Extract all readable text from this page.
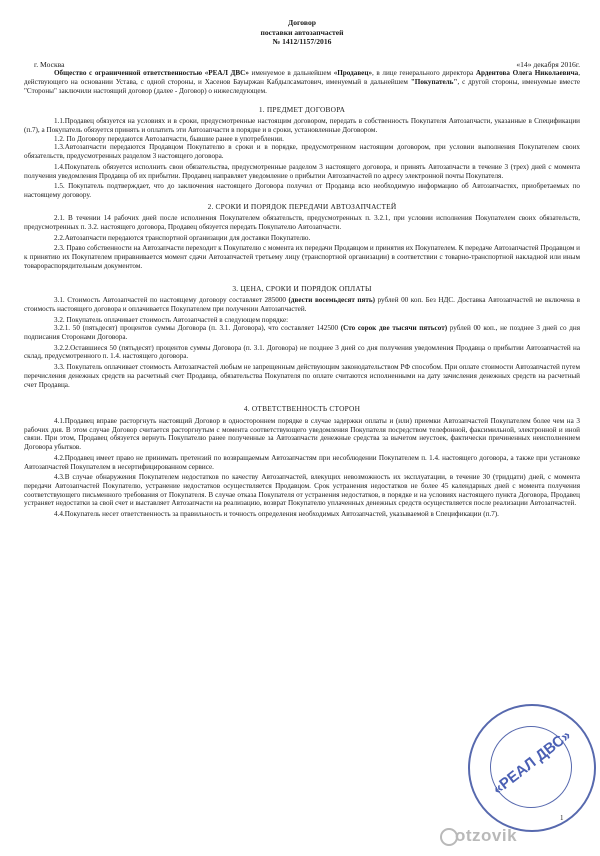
Договор
поставки автозапчастей
№ 1412/1157/2016
г. Москва	«14» декабря 2016г.

Общество с ограниченной ответственностью «РЕАЛ ДВС» именуемое в дальнейшем «Продавец», в лице генерального директора Ардентова Олега Николаевича, действующего на основании Устава, с одной стороны, и Хасенов Бауыржан Кабдылсаматович, именуемый в дальнейшем "Покупатель", с другой стороны, именуемые вместе "Стороны" заключили настоящий договор (далее - Договор) о нижеследующем.

1. ПРЕДМЕТ ДОГОВОРА

1.1.Продавец обязуется на условиях и в сроки, предусмотренные настоящим договором, передать в собственность Покупателя Автозапчасти, указанные в Спецификации (п.7), а Покупатель обязуется принять и оплатить эти Автозапчасти в порядке и в сроки, установленные Договором.

1.2. По Договору передаются Автозапчасти, бывшие ранее в употреблении.

1.3.Автозапчасти передаются Продавцом Покупателю в сроки и в порядке, предусмотренном настоящим договором, при условии выполнения Покупателем своих обязательств, предусмотренных разделом 3 настоящего договора.

1.4.Покупатель обязуется исполнить свои обязательства, предусмотренные разделом 3 настоящего договора, и принять Автозапчасти в течение 3 (трех) дней с момента получения уведомления Продавца об их прибытии. Продавец направляет уведомление о прибытии Автозапчастей по адресу электронной почты Покупателя.

1.5. Покупатель подтверждает, что до заключения настоящего Договора получил от Продавца всю необходимую информацию об Автозапчастях, приобретаемых по настоящему договору.

2. СРОКИ И ПОРЯДОК ПЕРЕДАЧИ АВТОЗАПЧАСТЕЙ

2.1. В течении 14 рабочих дней после исполнения Покупателем обязательств, предусмотренных п. 3.2.1, при условии исполнения Покупателем своих обязательств, предусмотренных п. 3.2. настоящего договора, Продавец обязуется передать Покупателю Автозапчасти.

2.2.Автозапчасти передаются транспортной организации для доставки Покупателю.

2.3. Право собственности на Автозапчасти переходит к Покупателю с момента их передачи Продавцом и принятия их Покупателем. К передаче Автозапчастей Продавцом и к принятию их Покупателем приравнивается момент сдачи Автозапчастей третьему лицу (транспортной организации) в соответствии с товарно-транспортной накладной или иным товарораспорядительным документом.

3. ЦЕНА, СРОКИ И ПОРЯДОК ОПЛАТЫ

3.1. Стоимость Автозапчастей по настоящему договору составляет 285000 (двести восемьдесят пять) рублей 00 коп. Без НДС. Доставка Автозапчастей не включена в стоимость настоящего договора и оплачивается Покупателем при получении Автозапчастей.

3.2. Покупатель оплачивает стоимость Автозапчастей в следующем порядке:

3.2.1. 50 (пятьдесят) процентов суммы Договора (п. 3.1. Договора), что составляет 142500 (Сто сорок две тысячи пятьсот) рублей 00 коп., не позднее 3 дней со дня подписания Сторонами Договора.

3.2.2.Оставшиеся 50 (пятьдесят) процентов суммы Договора (п. 3.1. Договора) не позднее 3 дней со дня получения уведомления Продавца о прибытии Автозапчастей на склад, предусмотренного п. 1.4. настоящего договора.

3.3. Покупатель оплачивает стоимость Автозапчастей любым не запрещенным действующим законодательством РФ способом. При оплате стоимости Автозапчастей путем перечисления денежных средств на расчетный счет Продавца, обязательства Покупателя по оплате считаются исполненными на дату зачисления денежных средств на расчетный счет Продавца.

4. ОТВЕТСТВЕННОСТЬ СТОРОН

4.1.Продавец вправе расторгнуть настоящий Договор в одностороннем порядке в случае задержки оплаты и (или) приемки Автозапчастей Покупателем более чем на 3 рабочих дня. В этом случае Договор считается расторгнутым с момента соответствующего уведомления Покупателя посредством телефонной, факсимильной, электронной и иной связи. При этом, Продавец обязуется вернуть Покупателю ранее полученные за Автозапчасти денежные средства за вычетом неустоек, фактически причиненных неисполнением Договора убытков.

4.2.Продавец имеет право не принимать претензий по возвращаемым Автозапчастям при несоблюдении Покупателем п. 1.4. настоящего договора, а также при установке Автозапчастей Покупателем в несертифицированном сервисе.

4.3.В случае обнаружения Покупателем недостатков по качеству Автозапчастей, влекущих невозможность их эксплуатации, в течение 30 (тридцати) дней, с момента передачи Автозапчастей Покупателю, устранение недостатков осуществляется Продавцом. Срок устранения недостатков не более 45 календарных дней с момента получения соответствующего письменного требования от Покупателя. В случае отказа Покупателя от устранения недостатков, в порядке и на условиях настоящего пункта Договора, Продавец устраняет недостатки за свой счет и выставляет Автозапчасти на реализацию, возврат Покупателю уплаченных денежных средств осуществляется после реализации Автозапчастей.

4.4.Покупатель несет ответственность за правильность и точность определения необходимых Автозапчастей, указываемой в Спецификации (п.7).

«РЕАЛ ДВС»
1
otzovik
